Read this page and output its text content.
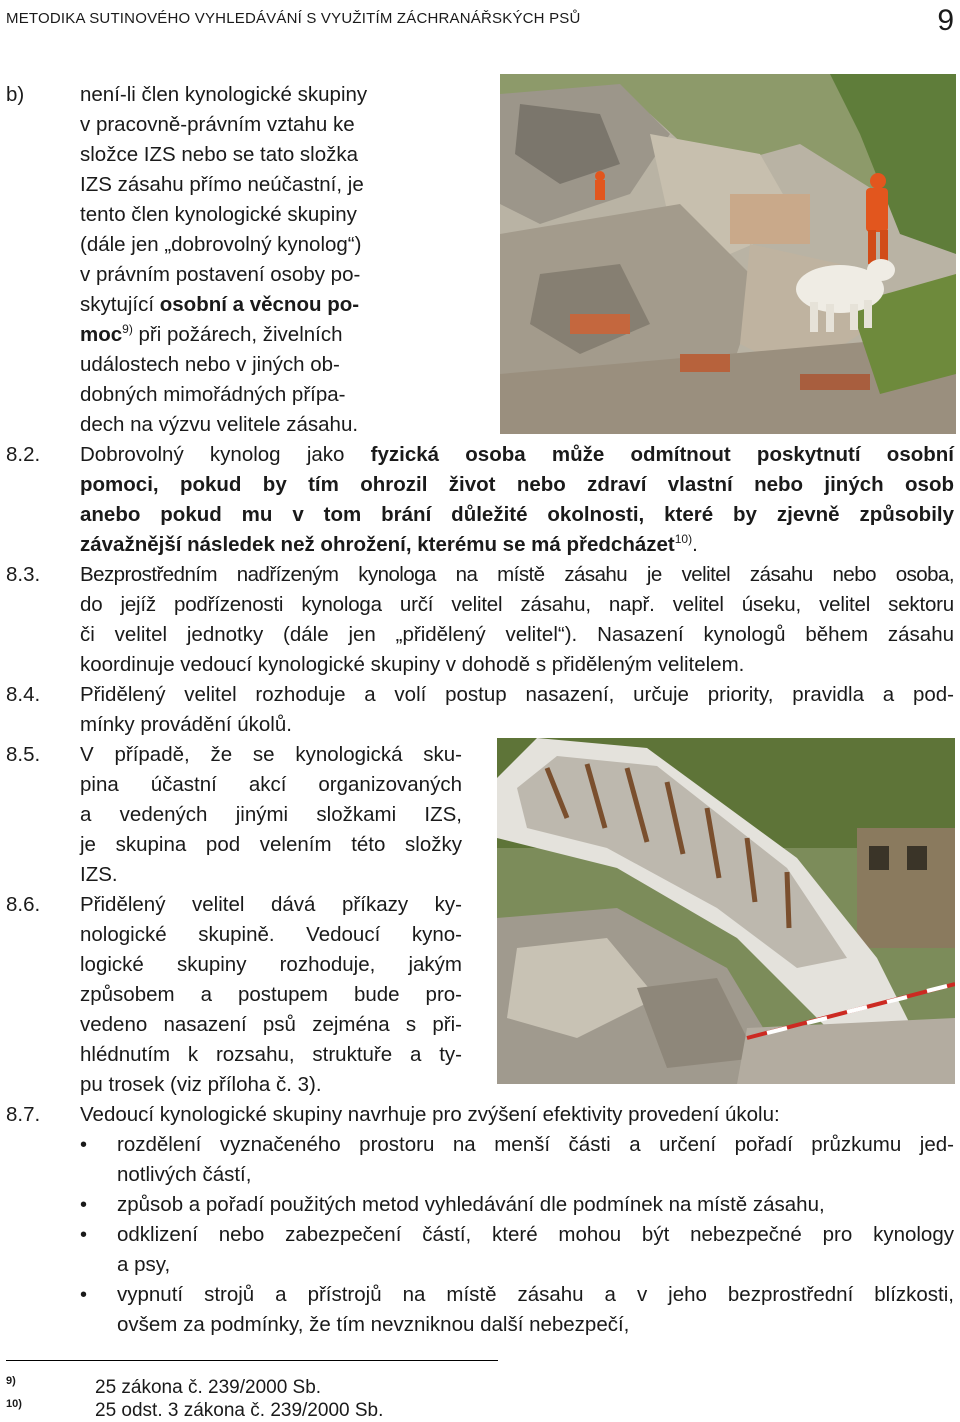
METODIKA SUTINOVÉHO VYHLEDÁVÁNÍ S VYUŽITÍM ZÁCHRANÁŘSKÝCH PSŮ	9
b)	není-li člen kynologické skupiny
v pracovně-právním vztahu ke
složce IZS nebo se tato složka
IZS zásahu přímo neúčastní, je
tento člen kynologické skupiny
(dále jen „dobrovolný kynolog“)
v právním postavení osoby po-
skytující osobní a věcnou po-
moc$^{9)}$ při požárech, živelních
událostech nebo v jiných ob-
dobných mimořádných přípa-
dech na výzvu velitele zásahu.
8.2. Dobrovolný kynolog jako fyzická osoba může odmítnout poskytnutí osobní
pomoci, pokud by tím ohrozil život nebo zdraví vlastní nebo jiných osob
anebo pokud mu v tom brání důležité okolnosti, které by zjevně způsobily
závažnější následek než ohrožení, kterému se má předcházet$^{10)}$.
8.3. Bezprostředním nadřízeným kynologa na místě zásahu je velitel zásahu nebo osoba,
do jejíž podřízenosti kynologa určí velitel zásahu, např. velitel úseku, velitel sektoru
či velitel jednotky (dále jen „přidělený velitel“). Nasazení kynologů během zásahu
koordinuje vedoucí kynologické skupiny v dohodě s přiděleným velitelem.
8.4. Přidělený velitel rozhoduje a volí postup nasazení, určuje priority, pravidla a pod-
mínky provádění úkolů.
8.5. V případě, že se kynologická sku-
pina účastní akcí organizovaných
a vedených jinými složkami IZS,
je skupina pod velením této složky
IZS.
8.6. Přidělený velitel dává příkazy ky-
nologické skupině. Vedoucí kyno-
logické skupiny rozhoduje, jakým
způsobem a postupem bude pro-
vedeno nasazení psů zejména s při-
hlédnutím k rozsahu, struktuře a ty-
pu trosek (viz příloha č. 3).
8.7. Vedoucí kynologické skupiny navrhuje pro zvýšení efektivity provedení úkolu:
• rozdělení vyznačeného prostoru na menší části a určení pořadí průzkumu jed-
notlivých částí,
• způsob a pořadí použitých metod vyhledávání dle podmínek na místě zásahu,
• odklizení nebo zabezpečení částí, které mohou být nebezpečné pro kynology
a psy,
• vypnutí strojů a přístrojů na místě zásahu a v jeho bezprostřední blízkosti,
ovšem za podmínky, že tím nevzniknou další nebezpečí,
9)	25 zákona č. 239/2000 Sb.
10)	25 odst. 3 zákona č. 239/2000 Sb.
